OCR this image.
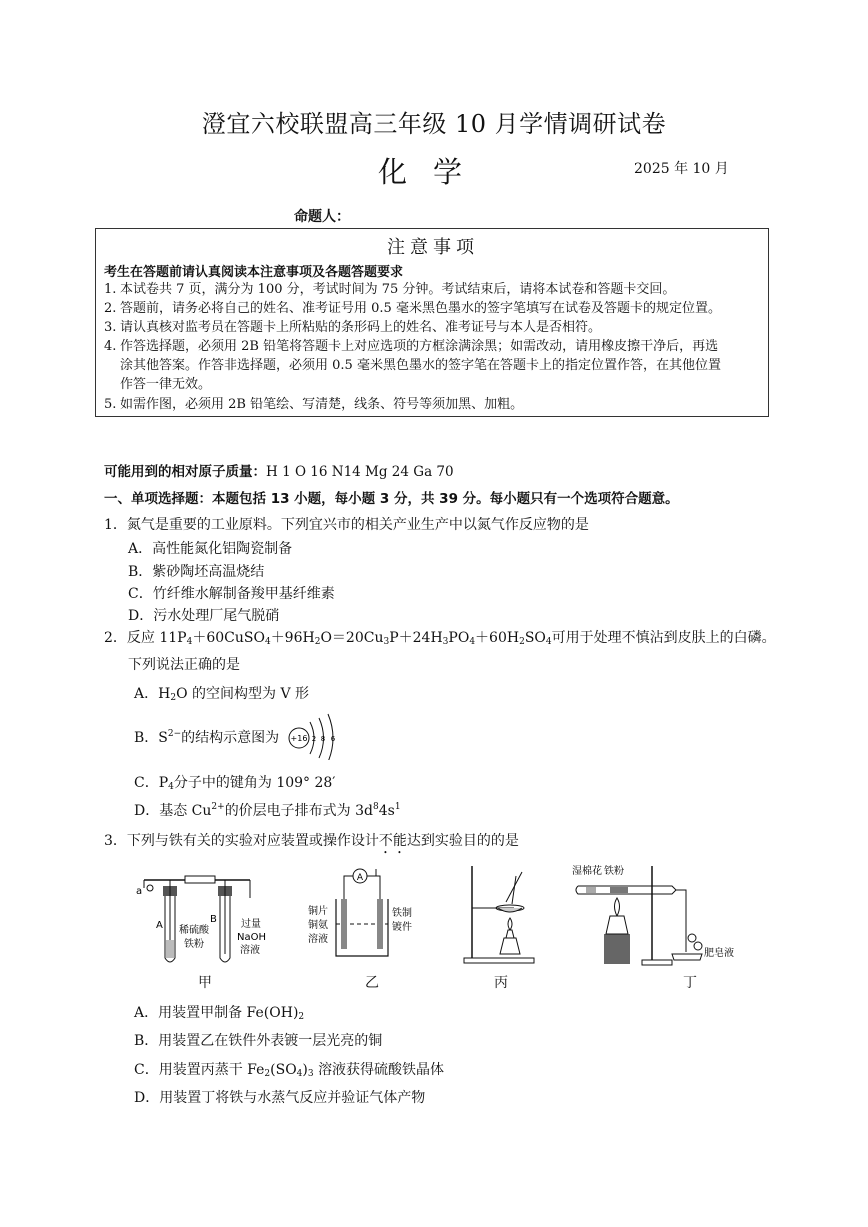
澄宜六校联盟高三年级 10 月学情调研试卷
化学	2025 年 10 月
命题人：
注意事项
考生在答题前请认真阅读本注意事项及各题答题要求
1. 本试卷共 7 页，满分为 100 分，考试时间为 75 分钟。考试结束后，请将本试卷和答题卡交回。
2. 答题前，请务必将自己的姓名、准考证号用 0.5 毫米黑色墨水的签字笔填写在试卷及答题卡的规定位置。
3. 请认真核对监考员在答题卡上所粘贴的条形码上的姓名、准考证号与本人是否相符。
4. 作答选择题，必须用 2B 铅笔将答题卡上对应选项的方框涂满涂黑；如需改动，请用橡皮擦干净后，再选
涂其他答案。作答非选择题，必须用 0.5 毫米黑色墨水的签字笔在答题卡上的指定位置作答，在其他位置
作答一律无效。
5. 如需作图，必须用 2B 铅笔绘、写清楚，线条、符号等须加黑、加粗。
可能用到的相对原子质量：H 1 O 16 N14 Mg 24 Ga 70
一、单项选择题：本题包括 13 小题，每小题 3 分，共 39 分。每小题只有一个选项符合题意。
1．氮气是重要的工业原料。下列宜兴市的相关产业生产中以氮气作反应物的是
A．高性能氮化铝陶瓷制备
B．紫砂陶坯高温烧结
C．竹纤维水解制备羧甲基纤维素
D．污水处理厂尾气脱硝
2．反应 $11P_4+60CuSO_4+96H_2O=20Cu_3P+24H_3PO_4+60H_2SO_4$可用于处理不慎沾到皮肤上的白磷。
下列说法正确的是
A．$H_2O$ 的空间构型为 V 形
B．$S^{2-}$的结构示意图为 +16 2 8 6
C．$P_4$分子中的键角为 109° 28′
D．基态 $Cu^{2+}$的价层电子排布式为 $3d^84s^1$
3．下列与铁有关的实验对应装置或操作设计不能达到实验目的的是
a
A
B
稀硫酸
铁粉
过量
NaOH
溶液
甲
A
铜片
铜氨
溶液
铁制
镀件
乙	丙
湿棉花 铁粉
肥皂液
丁
A．用装置甲制备 $Fe(OH)_2$
B．用装置乙在铁件外表镀一层光亮的铜
C．用装置丙蒸干 $Fe_2(SO_4)_3$ 溶液获得硫酸铁晶体
D．用装置丁将铁与水蒸气反应并验证气体产物
